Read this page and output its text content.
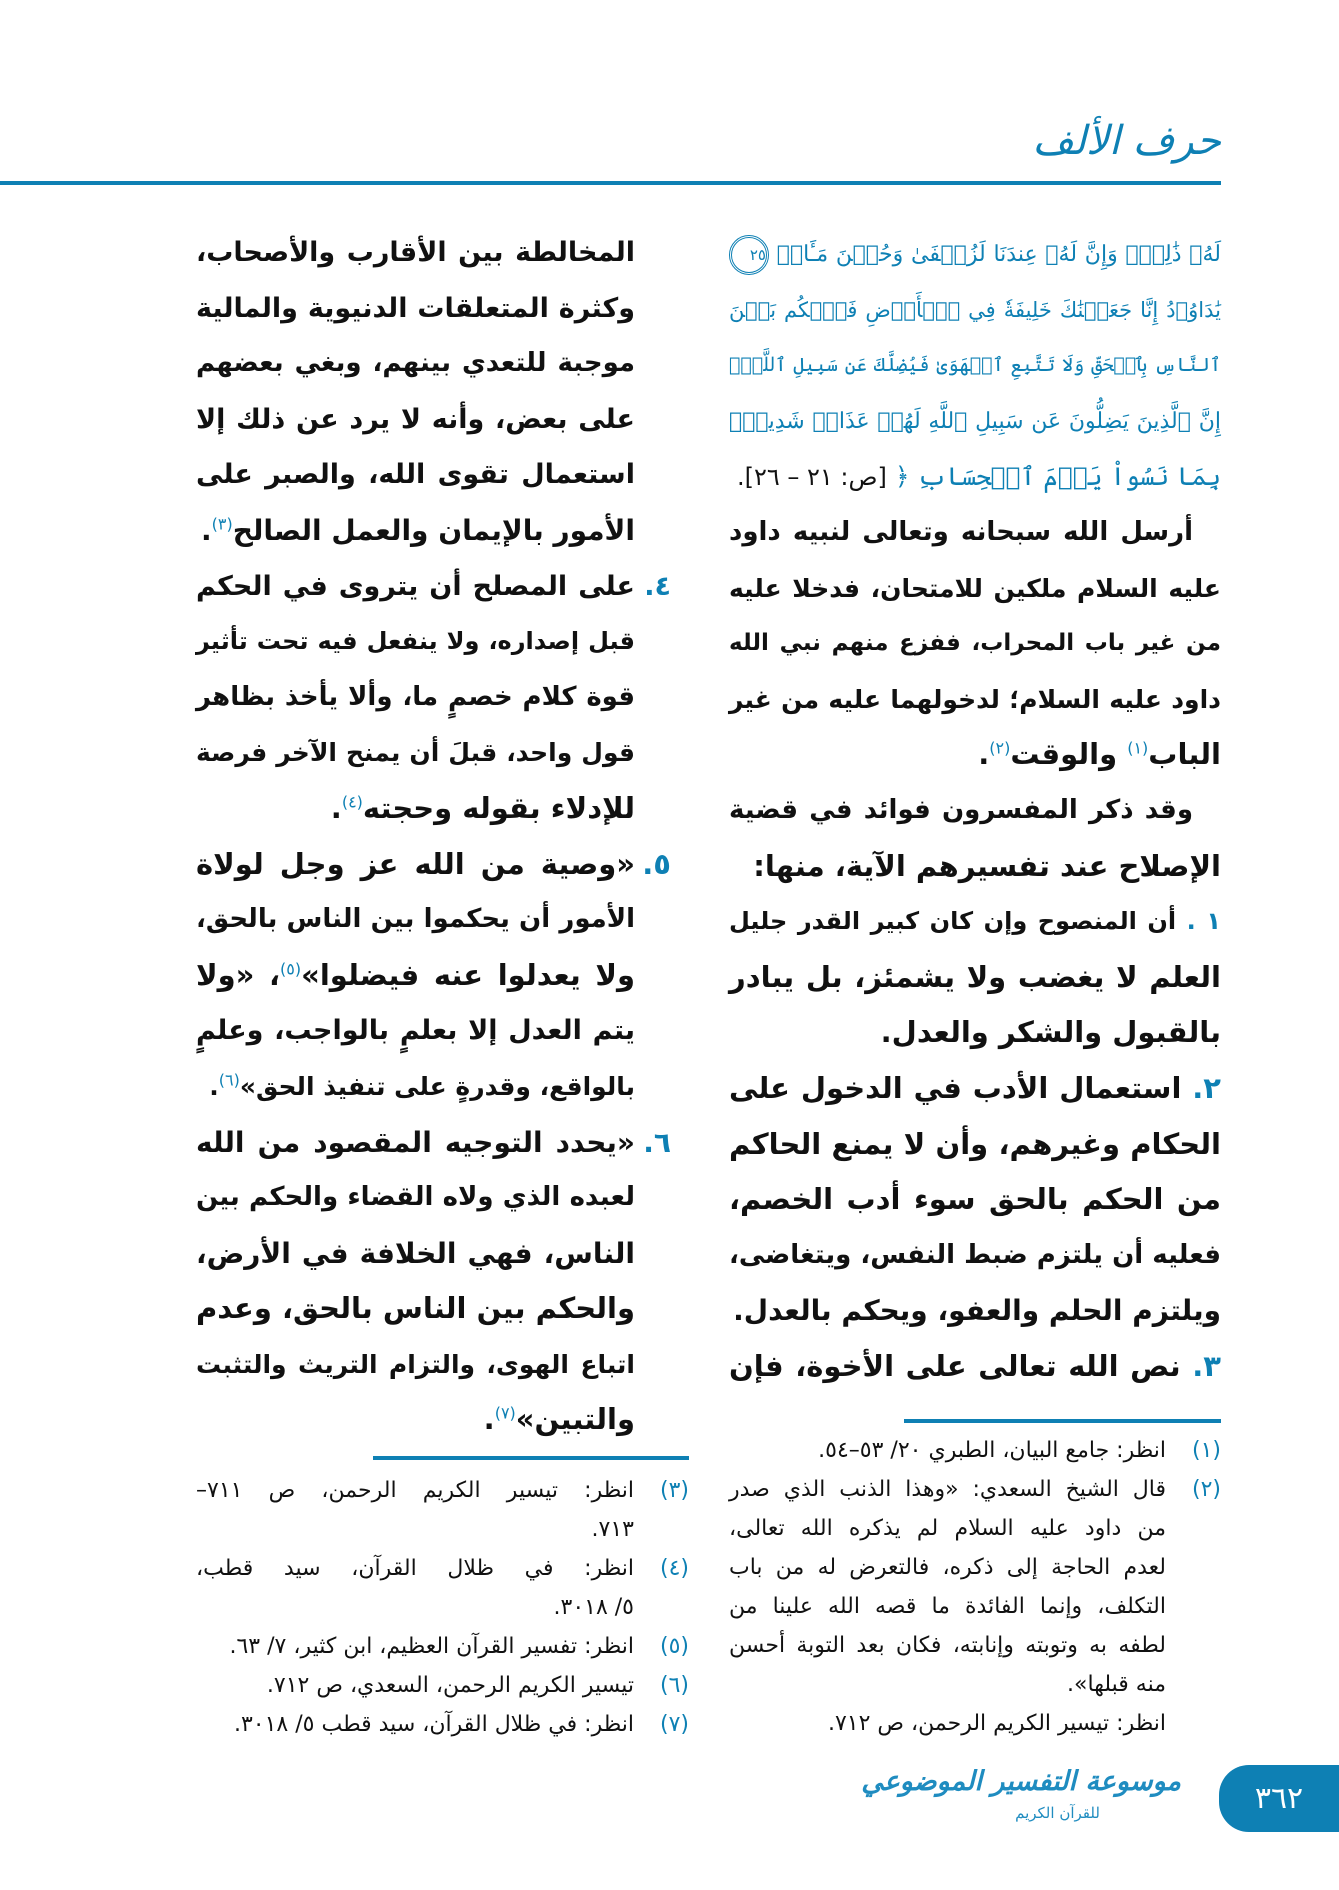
حرف الألف
لَهُۥ ذَٰلِكَۖ وَإِنَّ لَهُۥ عِندَنَا لَزُلۡفَىٰ وَحُسۡنَ مَـَٔابٖ ٢٥
يَٰدَاوُۥدُ إِنَّا جَعَلۡنَٰكَ خَلِيفَةٗ فِي ٱلۡأَرۡضِ فَٱحۡكُم بَيۡنَ
ٱلنَّاسِ بِٱلۡحَقِّ وَلَا تَتَّبِعِ ٱلۡهَوَىٰ فَيُضِلَّكَ عَن سَبِيلِ ٱللَّهِۚ
إِنَّ ٱلَّذِينَ يَضِلُّونَ عَن سَبِيلِ ٱللَّهِ لَهُمۡ عَذَابٞ شَدِيدُۢ
بِمَا نَسُواْ يَوۡمَ ٱلۡحِسَابِ ﴿ [ص: ٢١ – ٢٦].
أرسل الله سبحانه وتعالى لنبيه داود
عليه السلام ملكين للامتحان، فدخلا عليه
من غير باب المحراب، ففزع منهم نبي الله
داود عليه السلام؛ لدخولهما عليه من غير
الباب$^{(١)}$ والوقت$^{(٢)}$.
وقد ذكر المفسرون فوائد في قضية
الإصلاح عند تفسيرهم الآية، منها:
١ . أن المنصوح وإن كان كبير القدر جليل
العلم لا يغضب ولا يشمئز، بل يبادر
بالقبول والشكر والعدل.
٢. استعمال الأدب في الدخول على
الحكام وغيرهم، وأن لا يمنع الحاكم
من الحكم بالحق سوء أدب الخصم،
فعليه أن يلتزم ضبط النفس، ويتغاضى،
ويلتزم الحلم والعفو، ويحكم بالعدل.
٣. نص الله تعالى على الأخوة، فإن
المخالطة بين الأقارب والأصحاب،
وكثرة المتعلقات الدنيوية والمالية
موجبة للتعدي بينهم، وبغي بعضهم
على بعض، وأنه لا يرد عن ذلك إلا
استعمال تقوى الله، والصبر على
الأمور بالإيمان والعمل الصالح$^{(٣)}$.
٤.
على المصلح أن يتروى في الحكم
قبل إصداره، ولا ينفعل فيه تحت تأثير
قوة كلام خصمٍ ما، وألا يأخذ بظاهر
قول واحد، قبلَ أن يمنح الآخر فرصة
للإدلاء بقوله وحجته$^{(٤)}$.
٥.
«وصية من الله عز وجل لولاة
الأمور أن يحكموا بين الناس بالحق،
ولا يعدلوا عنه فيضلوا»$^{(٥)}$، «ولا
يتم العدل إلا بعلمٍ بالواجب، وعلمٍ
بالواقع، وقدرةٍ على تنفيذ الحق»$^{(٦)}$.
٦.
«يحدد التوجيه المقصود من الله
لعبده الذي ولاه القضاء والحكم بين
الناس، فهي الخلافة في الأرض،
والحكم بين الناس بالحق، وعدم
اتباع الهوى، والتزام التريث والتثبت
والتبين»$^{(٧)}$.
(١)
انظر: جامع البيان، الطبري ٢٠/ ٥٣–٥٤.
(٢)
قال الشيخ السعدي: «وهذا الذنب الذي صدر
من داود عليه السلام لم يذكره الله تعالى،
لعدم الحاجة إلى ذكره، فالتعرض له من باب
التكلف، وإنما الفائدة ما قصه الله علينا من
لطفه به وتوبته وإنابته، فكان بعد التوبة أحسن
منه قبلها».
انظر: تيسير الكريم الرحمن، ص ٧١٢.
(٣)
انظر: تيسير الكريم الرحمن، ص ٧١١–
٧١٣.
(٤)
انظر: في ظلال القرآن، سيد قطب،
٥/ ٣٠١٨.
(٥)
انظر: تفسير القرآن العظيم، ابن كثير، ٧/ ٦٣.
(٦)
تيسير الكريم الرحمن، السعدي، ص ٧١٢.
(٧)
انظر: في ظلال القرآن، سيد قطب ٥/ ٣٠١٨.
موسوعة التفسير الموضوعي
للقرآن الكريم	٣٦٢
